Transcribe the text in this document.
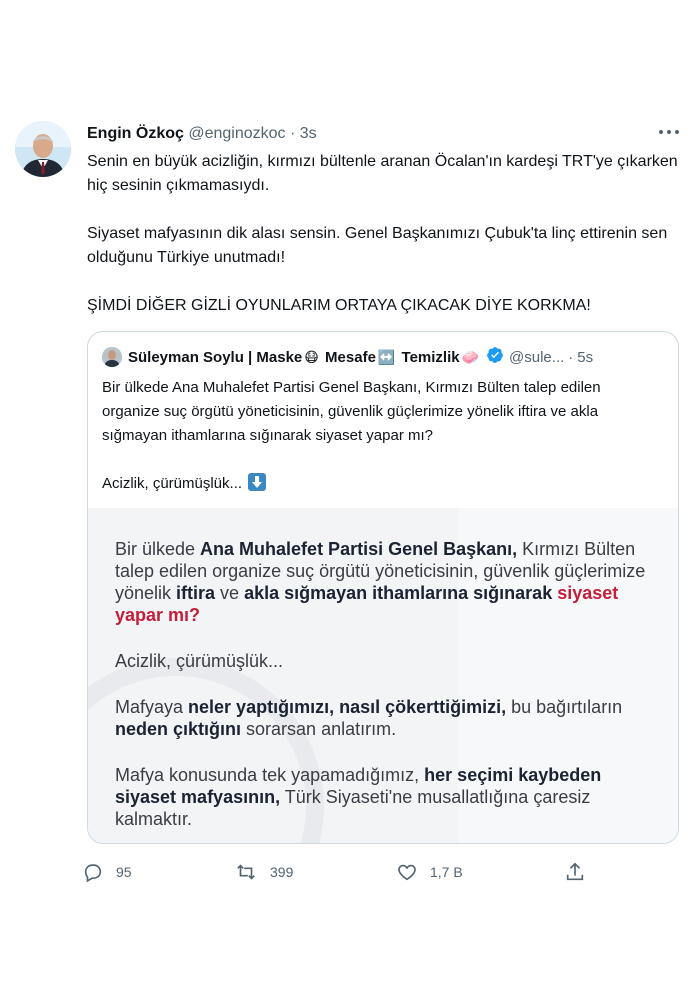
Engin Özkoç @enginozkoc · 3s

Senin en büyük acizliğin, kırmızı bültenle aranan Öcalan'ın kardeşi TRT'ye çıkarken hiç sesinin çıkmamasıydı.

Siyaset mafyasının dik alası sensin. Genel Başkanımızı Çubuk'ta linç ettirenin sen olduğunu Türkiye unutmadı!

ŞİMDİ DİĞER GİZLİ OYUNLARIM ORTAYA ÇIKACAK DİYE KORKMA!

Süleyman Soylu | Maske 😷 Mesafe ↔️ Temizlik 🧼 @sule... · 5s

Bir ülkede Ana Muhalefet Partisi Genel Başkanı, Kırmızı Bülten talep edilen organize suç örgütü yöneticisinin, güvenlik güçlerimize yönelik iftira ve akla sığmayan ithamlarına sığınarak siyaset yapar mı?

Acizlik, çürümüşlük...

Bir ülkede Ana Muhalefet Partisi Genel Başkanı, Kırmızı Bülten talep edilen organize suç örgütü yöneticisinin, güvenlik güçlerimize yönelik iftira ve akla sığmayan ithamlarına sığınarak siyaset yapar mı?

Acizlik, çürümüşlük...

Mafyaya neler yaptığımızı, nasıl çökerttiğimizi, bu bağırtıların neden çıktığını sorarsan anlatırım.

Mafya konusunda tek yapamadığımız, her seçimi kaybeden siyaset mafyasının, Türk Siyaseti'ne musallatlığına çaresiz kalmaktır.

95	399	1,7 B
